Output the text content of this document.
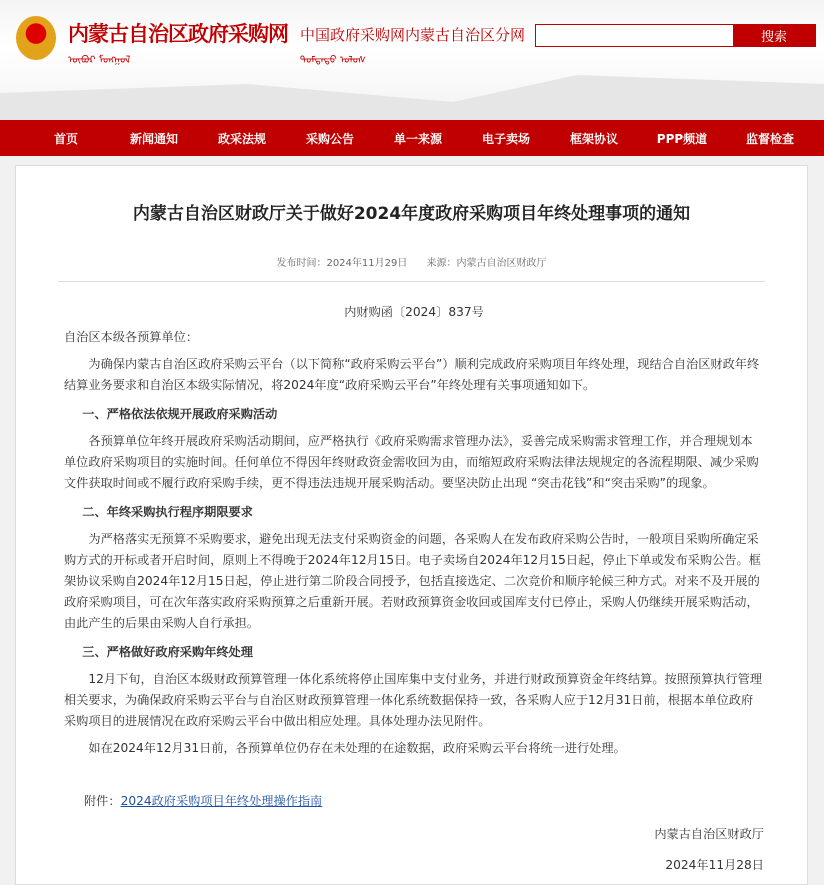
内蒙古自治区政府采购网
ᠥᠪᠦᠷ ᠮᠣᠩᠭᠣᠯ	ᠳᠤᠮᠳᠠᠳᠤ ᠣᠯᠣᠰ
中国政府采购网内蒙古自治区分网	搜索
首页	新闻通知	政采法规	采购公告	单一来源	电子卖场	框架协议	PPP频道	监督检查
内蒙古自治区财政厅关于做好2024年度政府采购项目年终处理事项的通知
发布时间：2024年11月29日 来源：内蒙古自治区财政厅
内财购函〔2024〕837号
自治区本级各预算单位：
为确保内蒙古自治区政府采购云平台（以下简称“政府采购云平台”）顺利完成政府采购项目年终处理，现结合自治区财政年终结算业务要求和自治区本级实际情况，将2024年度“政府采购云平台”年终处理有关事项通知如下。
一、严格依法依规开展政府采购活动
各预算单位年终开展政府采购活动期间，应严格执行《政府采购需求管理办法》，妥善完成采购需求管理工作，并合理规划本单位政府采购项目的实施时间。任何单位不得因年终财政资金需收回为由，而缩短政府采购法律法规规定的各流程期限、减少采购文件获取时间或不履行政府采购手续，更不得违法违规开展采购活动。要坚决防止出现 “突击花钱”和“突击采购”的现象。
二、年终采购执行程序期限要求
为严格落实无预算不采购要求，避免出现无法支付采购资金的问题，各采购人在发布政府采购公告时，一般项目采购所确定采购方式的开标或者开启时间，原则上不得晚于2024年12月15日。电子卖场自2024年12月15日起，停止下单或发布采购公告。框架协议采购自2024年12月15日起，停止进行第二阶段合同授予，包括直接选定、二次竞价和顺序轮候三种方式。对来不及开展的政府采购项目，可在次年落实政府采购预算之后重新开展。若财政预算资金收回或国库支付已停止，采购人仍继续开展采购活动，由此产生的后果由采购人自行承担。
三、严格做好政府采购年终处理
12月下旬，自治区本级财政预算管理一体化系统将停止国库集中支付业务，并进行财政预算资金年终结算。按照预算执行管理相关要求，为确保政府采购云平台与自治区财政预算管理一体化系统数据保持一致，各采购人应于12月31日前，根据本单位政府采购项目的进展情况在政府采购云平台中做出相应处理。具体处理办法见附件。
如在2024年12月31日前，各预算单位仍存在未处理的在途数据，政府采购云平台将统一进行处理。
附件：2024政府采购项目年终处理操作指南
内蒙古自治区财政厅
2024年11月28日
